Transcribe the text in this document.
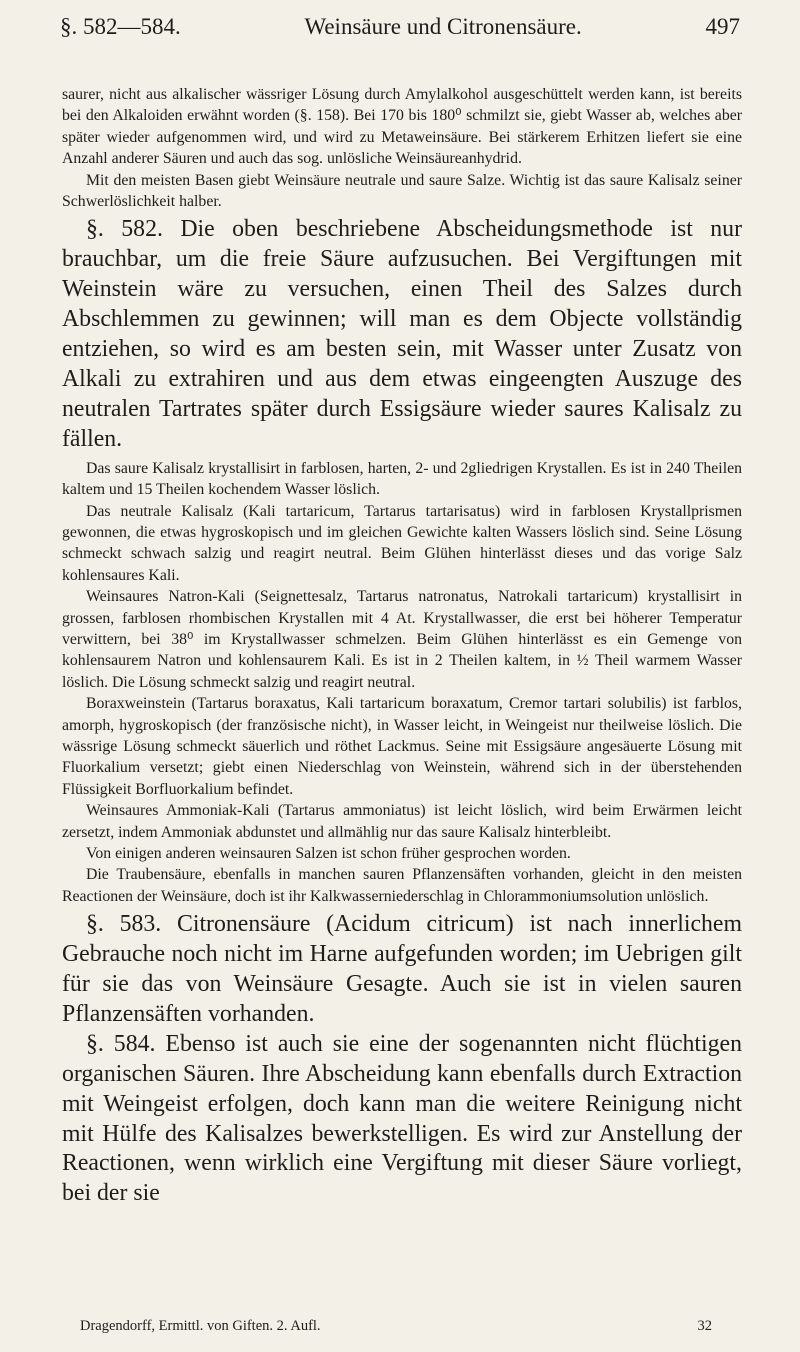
§. 582—584.	Weinsäure und Citronensäure.	497

saurer, nicht aus alkalischer wässriger Lösung durch Amylalkohol ausgeschüttelt werden kann, ist bereits bei den Alkaloiden erwähnt worden (§. 158). Bei 170 bis 180⁰ schmilzt sie, giebt Wasser ab, welches aber später wieder aufgenommen wird, und wird zu Metaweinsäure. Bei stärkerem Erhitzen liefert sie eine Anzahl anderer Säuren und auch das sog. unlösliche Weinsäureanhydrid.

Mit den meisten Basen giebt Weinsäure neutrale und saure Salze. Wichtig ist das saure Kalisalz seiner Schwerlöslichkeit halber.

§. 582. Die oben beschriebene Abscheidungsmethode ist nur brauchbar, um die freie Säure aufzusuchen. Bei Vergiftungen mit Weinstein wäre zu versuchen, einen Theil des Salzes durch Abschlemmen zu gewinnen; will man es dem Objecte vollständig entziehen, so wird es am besten sein, mit Wasser unter Zusatz von Alkali zu extrahiren und aus dem etwas eingeengten Auszuge des neutralen Tartrates später durch Essigsäure wieder saures Kalisalz zu fällen.

Das saure Kalisalz krystallisirt in farblosen, harten, 2- und 2gliedrigen Krystallen. Es ist in 240 Theilen kaltem und 15 Theilen kochendem Wasser löslich.

Das neutrale Kalisalz (Kali tartaricum, Tartarus tartarisatus) wird in farblosen Krystallprismen gewonnen, die etwas hygroskopisch und im gleichen Gewichte kalten Wassers löslich sind. Seine Lösung schmeckt schwach salzig und reagirt neutral. Beim Glühen hinterlässt dieses und das vorige Salz kohlensaures Kali.

Weinsaures Natron-Kali (Seignettesalz, Tartarus natronatus, Natrokali tartaricum) krystallisirt in grossen, farblosen rhombischen Krystallen mit 4 At. Krystallwasser, die erst bei höherer Temperatur verwittern, bei 38⁰ im Krystallwasser schmelzen. Beim Glühen hinterlässt es ein Gemenge von kohlensaurem Natron und kohlensaurem Kali. Es ist in 2 Theilen kaltem, in ½ Theil warmem Wasser löslich. Die Lösung schmeckt salzig und reagirt neutral.

Boraxweinstein (Tartarus boraxatus, Kali tartaricum boraxatum, Cremor tartari solubilis) ist farblos, amorph, hygroskopisch (der französische nicht), in Wasser leicht, in Weingeist nur theilweise löslich. Die wässrige Lösung schmeckt säuerlich und röthet Lackmus. Seine mit Essigsäure angesäuerte Lösung mit Fluorkalium versetzt; giebt einen Niederschlag von Weinstein, während sich in der überstehenden Flüssigkeit Borfluorkalium befindet.

Weinsaures Ammoniak-Kali (Tartarus ammoniatus) ist leicht löslich, wird beim Erwärmen leicht zersetzt, indem Ammoniak abdunstet und allmählig nur das saure Kalisalz hinterbleibt.

Von einigen anderen weinsauren Salzen ist schon früher gesprochen worden.

Die Traubensäure, ebenfalls in manchen sauren Pflanzensäften vorhanden, gleicht in den meisten Reactionen der Weinsäure, doch ist ihr Kalkwasserniederschlag in Chlorammoniumsolution unlöslich.

§. 583. Citronensäure (Acidum citricum) ist nach innerlichem Gebrauche noch nicht im Harne aufgefunden worden; im Uebrigen gilt für sie das von Weinsäure Gesagte. Auch sie ist in vielen sauren Pflanzensäften vorhanden.

§. 584. Ebenso ist auch sie eine der sogenannten nicht flüchtigen organischen Säuren. Ihre Abscheidung kann ebenfalls durch Extraction mit Weingeist erfolgen, doch kann man die weitere Reinigung nicht mit Hülfe des Kalisalzes bewerkstelligen. Es wird zur Anstellung der Reactionen, wenn wirklich eine Vergiftung mit dieser Säure vorliegt, bei der sie

Dragendorff, Ermittl. von Giften. 2. Aufl.	32
